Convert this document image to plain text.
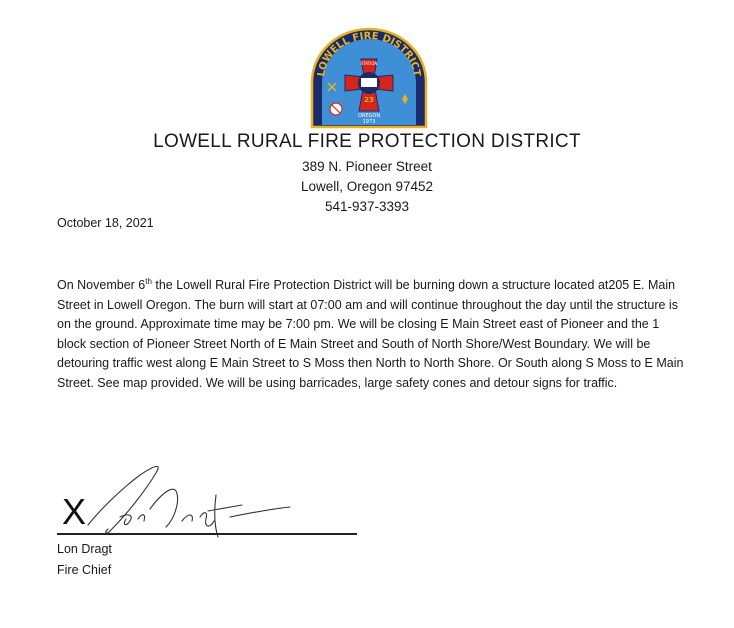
LOWELL FIRE DISTRICT
STATION
23
OREGON
1973
LOWELL RURAL FIRE PROTECTION DISTRICT
389 N. Pioneer Street
Lowell, Oregon 97452
541-937-3393
October 18, 2021
On November 6th the Lowell Rural Fire Protection District will be burning down a structure located at205 E. Main Street in Lowell Oregon. The burn will start at 07:00 am and will continue throughout the day until the structure is on the ground. Approximate time may be 7:00 pm. We will be closing E Main Street east of Pioneer and the 1 block section of Pioneer Street North of E Main Street and South of North Shore/West Boundary. We will be detouring traffic west along E Main Street to S Moss then North to North Shore. Or South along S Moss to E Main Street. See map provided. We will be using barricades, large safety cones and detour signs for traffic.
X
Lon Dragt
Fire Chief
